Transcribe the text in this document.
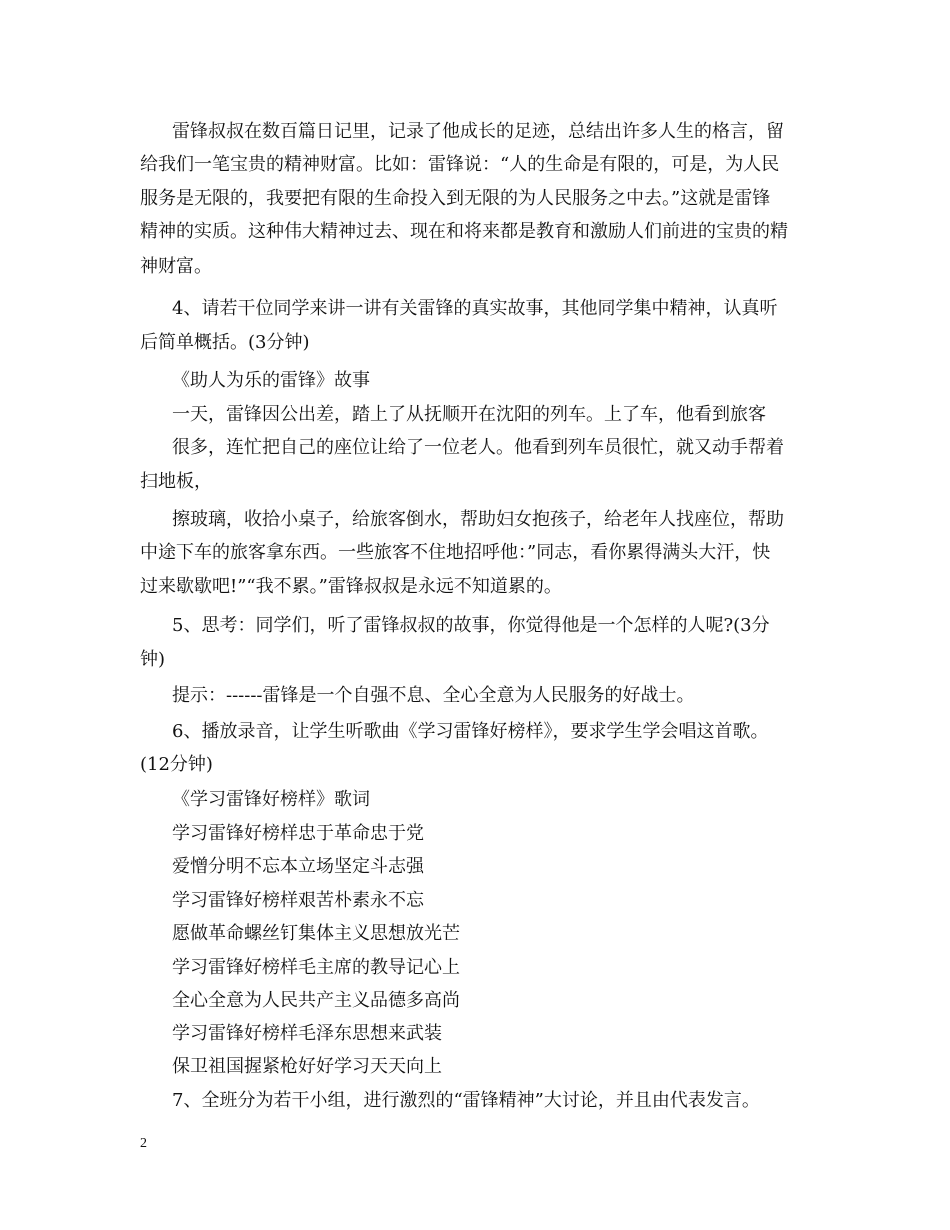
雷锋叔叔在数百篇日记里，记录了他成长的足迹，总结出许多人生的格言，留
给我们一笔宝贵的精神财富。比如：雷锋说：“人的生命是有限的，可是，为人民
服务是无限的，我要把有限的生命投入到无限的为人民服务之中去。”这就是雷锋
精神的实质。这种伟大精神过去、现在和将来都是教育和激励人们前进的宝贵的精
神财富。
4、请若干位同学来讲一讲有关雷锋的真实故事，其他同学集中精神，认真听
后简单概括。(3分钟)
《助人为乐的雷锋》故事
一天，雷锋因公出差，踏上了从抚顺开在沈阳的列车。上了车，他看到旅客
很多，连忙把自己的座位让给了一位老人。他看到列车员很忙，就又动手帮着
扫地板，
擦玻璃，收拾小桌子，给旅客倒水，帮助妇女抱孩子，给老年人找座位，帮助
中途下车的旅客拿东西。一些旅客不住地招呼他：”同志，看你累得满头大汗，快
过来歇歇吧!”“我不累。”雷锋叔叔是永远不知道累的。
5、思考：同学们，听了雷锋叔叔的故事，你觉得他是一个怎样的人呢?(3分
钟)
提示：------雷锋是一个自强不息、全心全意为人民服务的好战士。
6、播放录音，让学生听歌曲《学习雷锋好榜样》，要求学生学会唱这首歌。
(12分钟)
《学习雷锋好榜样》歌词
学习雷锋好榜样忠于革命忠于党
爱憎分明不忘本立场坚定斗志强
学习雷锋好榜样艰苦朴素永不忘
愿做革命螺丝钉集体主义思想放光芒
学习雷锋好榜样毛主席的教导记心上
全心全意为人民共产主义品德多高尚
学习雷锋好榜样毛泽东思想来武装
保卫祖国握紧枪好好学习天天向上
7、全班分为若干小组，进行激烈的“雷锋精神”大讨论，并且由代表发言。
2
